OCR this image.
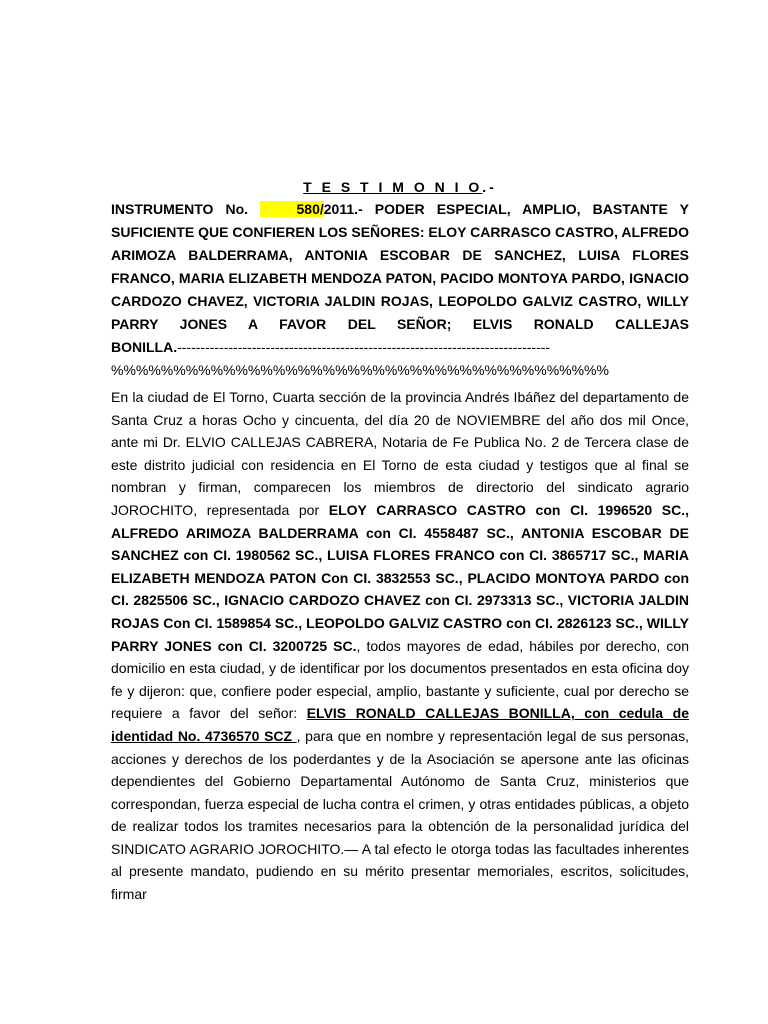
T E S T I M O N I O.-

INSTRUMENTO No.    580/2011.- PODER ESPECIAL, AMPLIO, BASTANTE Y SUFICIENTE QUE CONFIEREN LOS SEÑORES: ELOY CARRASCO CASTRO, ALFREDO ARIMOZA BALDERRAMA, ANTONIA ESCOBAR DE SANCHEZ, LUISA FLORES FRANCO, MARIA ELIZABETH MENDOZA PATON, PACIDO MONTOYA PARDO, IGNACIO CARDOZO CHAVEZ, VICTORIA JALDIN ROJAS, LEOPOLDO GALVIZ CASTRO, WILLY PARRY JONES A FAVOR DEL SEÑOR; ELVIS RONALD CALLEJAS BONILLA.--------------------------------------------------------------------------------

%%%%%%%%%%%%%%%%%%%%%%%%%%%%%%%%%%%%%%%%

En la ciudad de El Torno, Cuarta sección de la provincia Andrés Ibáñez del departamento de Santa Cruz a horas Ocho y cincuenta, del día 20 de NOVIEMBRE del año dos mil Once, ante mi Dr. ELVIO CALLEJAS CABRERA, Notaria de Fe Publica No. 2 de Tercera clase de este distrito judicial con residencia en El Torno de esta ciudad y testigos que al final se nombran y firman, comparecen los miembros de directorio del sindicato agrario JOROCHITO, representada por ELOY CARRASCO CASTRO con CI. 1996520 SC., ALFREDO ARIMOZA BALDERRAMA con CI. 4558487 SC., ANTONIA ESCOBAR DE SANCHEZ con CI. 1980562 SC., LUISA FLORES FRANCO con CI. 3865717 SC., MARIA ELIZABETH MENDOZA PATON Con CI. 3832553 SC., PLACIDO MONTOYA PARDO con CI. 2825506 SC., IGNACIO CARDOZO CHAVEZ con CI. 2973313 SC., VICTORIA JALDIN ROJAS Con CI. 1589854 SC., LEOPOLDO GALVIZ CASTRO con CI. 2826123 SC., WILLY PARRY JONES con CI. 3200725 SC., todos mayores de edad, hábiles por derecho, con domicilio en esta ciudad, y de identificar por los documentos presentados en esta oficina doy fe y dijeron: que, confiere poder especial, amplio, bastante y suficiente, cual por derecho se requiere a favor del señor: ELVIS RONALD CALLEJAS BONILLA, con cedula de identidad No. 4736570 SCZ , para que en nombre y representación legal de sus personas, acciones y derechos de los poderdantes y de la Asociación se apersone ante las oficinas dependientes del Gobierno Departamental Autónomo de Santa Cruz, ministerios que correspondan, fuerza especial de lucha contra el crimen, y otras entidades públicas, a objeto de realizar todos los tramites necesarios para la obtención de la personalidad jurídica del SINDICATO AGRARIO JOROCHITO.— A tal efecto le otorga todas las facultades inherentes al presente mandato, pudiendo en su mérito presentar memoriales, escritos, solicitudes, firmar
